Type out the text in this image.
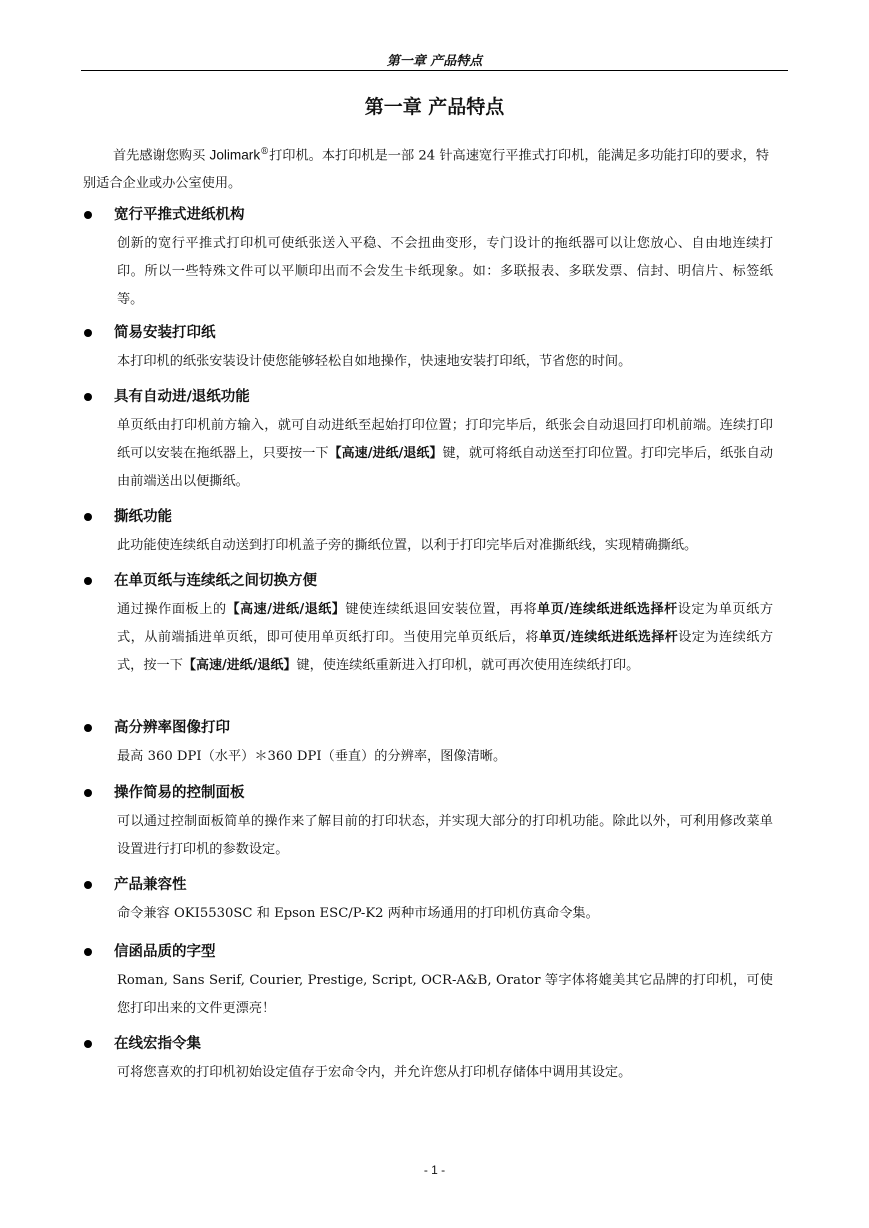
第一章 产品特点
第一章 产品特点

首先感谢您购买 Jolimark®打印机。本打印机是一部 24 针高速宽行平推式打印机，能满足多功能打印的要求，特别适合企业或办公室使用。

宽行平推式进纸机构
创新的宽行平推式打印机可使纸张送入平稳、不会扭曲变形，专门设计的拖纸器可以让您放心、自由地连续打印。所以一些特殊文件可以平顺印出而不会发生卡纸现象。如：多联报表、多联发票、信封、明信片、标签纸等。
简易安装打印纸
本打印机的纸张安装设计使您能够轻松自如地操作，快速地安装打印纸，节省您的时间。
具有自动进/退纸功能
单页纸由打印机前方输入，就可自动进纸至起始打印位置；打印完毕后，纸张会自动退回打印机前端。连续打印纸可以安装在拖纸器上，只要按一下【高速/进纸/退纸】键，就可将纸自动送至打印位置。打印完毕后，纸张自动由前端送出以便撕纸。
撕纸功能
此功能使连续纸自动送到打印机盖子旁的撕纸位置，以利于打印完毕后对准撕纸线，实现精确撕纸。
在单页纸与连续纸之间切换方便
通过操作面板上的【高速/进纸/退纸】键使连续纸退回安装位置，再将单页/连续纸进纸选择杆设定为单页纸方式，从前端插进单页纸，即可使用单页纸打印。当使用完单页纸后，将单页/连续纸进纸选择杆设定为连续纸方式，按一下【高速/进纸/退纸】键，使连续纸重新进入打印机，就可再次使用连续纸打印。
高分辨率图像打印
最高 360 DPI（水平）＊360 DPI（垂直）的分辨率，图像清晰。
操作简易的控制面板
可以通过控制面板简单的操作来了解目前的打印状态，并实现大部分的打印机功能。除此以外，可利用修改菜单设置进行打印机的参数设定。
产品兼容性
命令兼容 OKI5530SC 和 Epson ESC/P-K2 两种市场通用的打印机仿真命令集。
信函品质的字型
Roman, Sans Serif, Courier, Prestige, Script, OCR-A&B, Orator 等字体将媲美其它品牌的打印机，可使您打印出来的文件更漂亮！
在线宏指令集
可将您喜欢的打印机初始设定值存于宏命令内，并允许您从打印机存储体中调用其设定。
- 1 -
